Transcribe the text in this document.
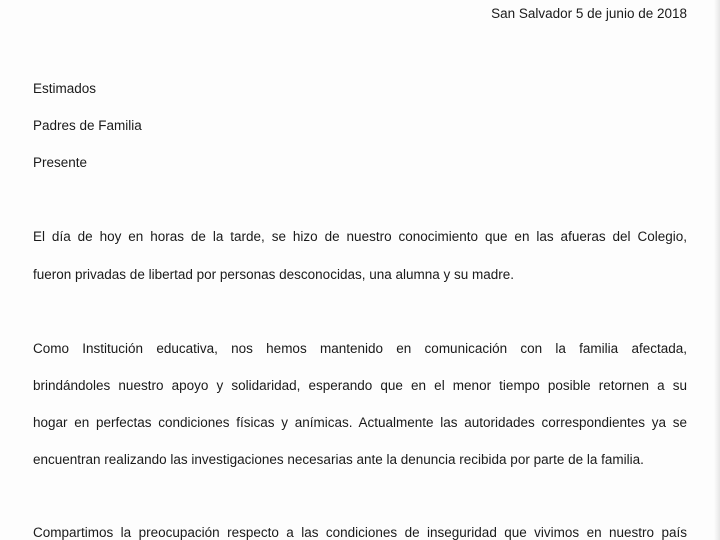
San Salvador 5 de junio de 2018
Estimados
Padres de Familia
Presente
El día de hoy en horas de la tarde, se hizo de nuestro conocimiento que en las afueras del Colegio,
fueron privadas de libertad por personas desconocidas, una alumna y su madre.
Como Institución educativa, nos hemos mantenido en comunicación con la familia afectada,
brindándoles nuestro apoyo y solidaridad, esperando que en el menor tiempo posible retornen a su
hogar en perfectas condiciones físicas y anímicas. Actualmente las autoridades correspondientes ya se
encuentran realizando las investigaciones necesarias ante la denuncia recibida por parte de la familia.
Compartimos la preocupación respecto a las condiciones de inseguridad que vivimos en nuestro país
